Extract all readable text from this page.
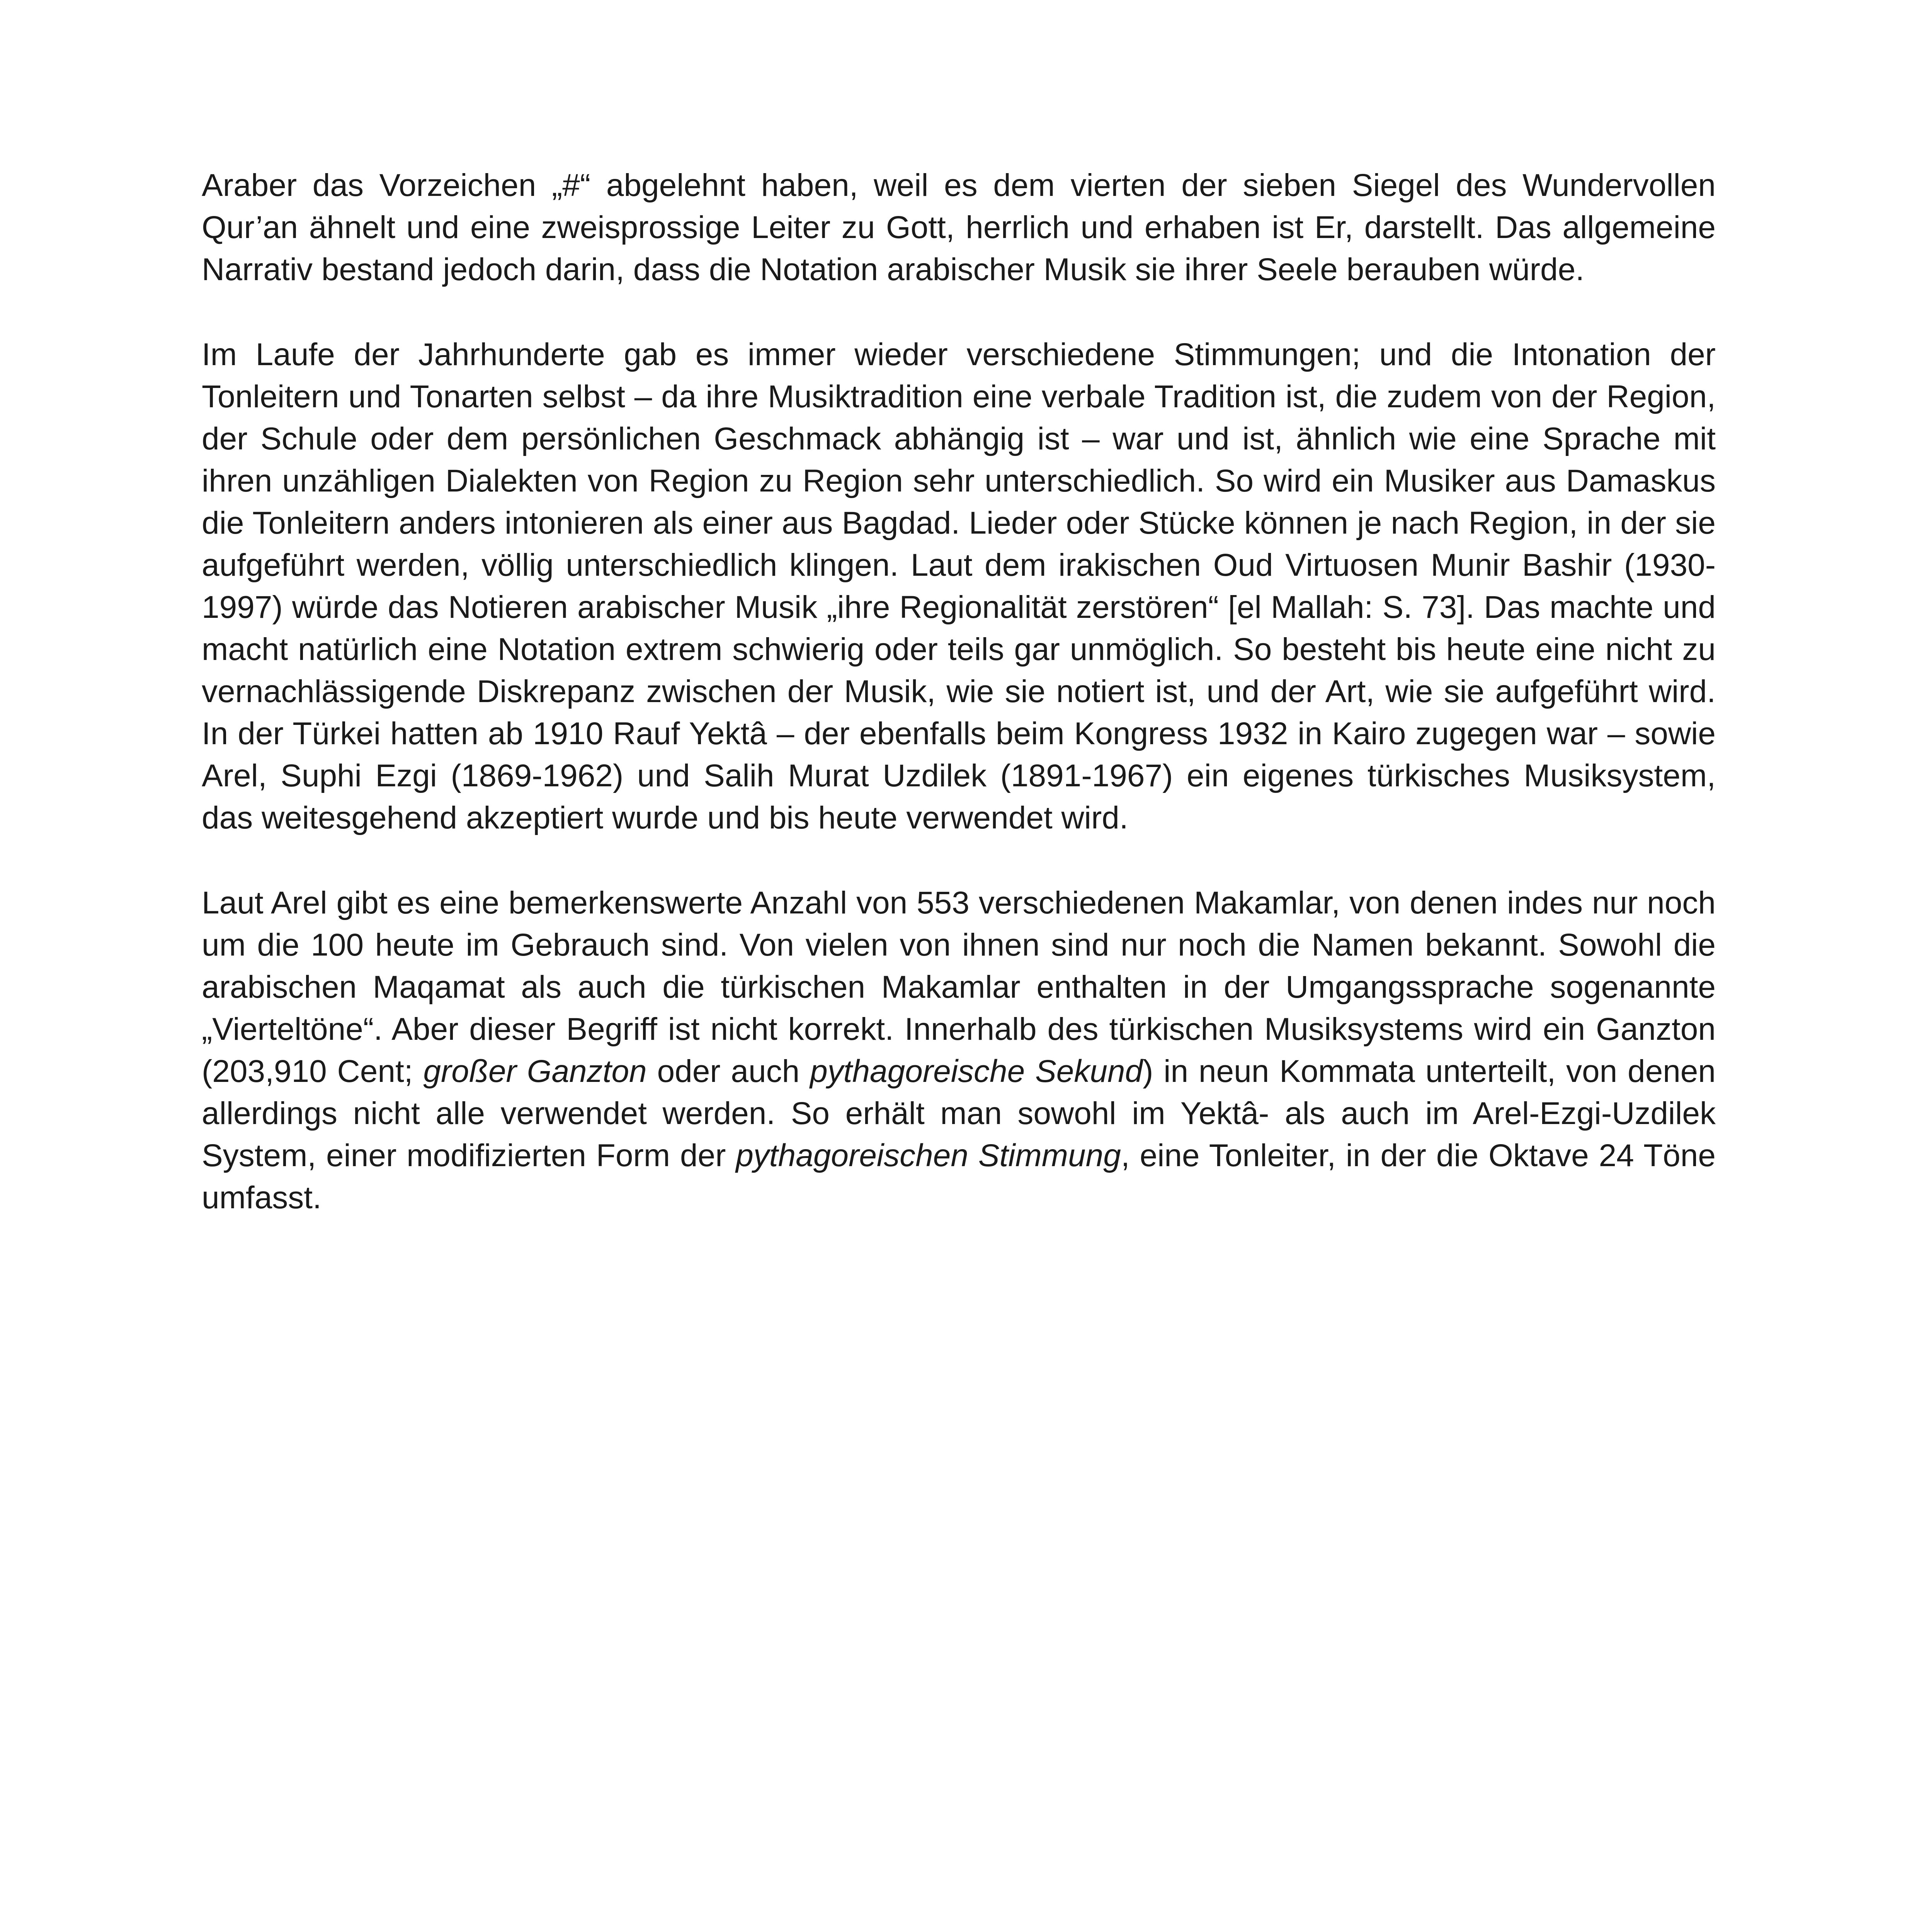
Araber das Vorzeichen „#“ abgelehnt haben, weil es dem vierten der sieben Siegel des Wundervollen Qur’an ähnelt und eine zweisprossige Leiter zu Gott, herrlich und erhaben ist Er, darstellt. Das allgemeine Narrativ bestand jedoch darin, dass die Notation arabischer Musik sie ihrer Seele berauben würde.

Im Laufe der Jahrhunderte gab es immer wieder verschiedene Stimmungen; und die Intonation der Tonleitern und Tonarten selbst – da ihre Musiktradition eine verbale Tradition ist, die zudem von der Region, der Schule oder dem persönlichen Geschmack abhängig ist – war und ist, ähnlich wie eine Sprache mit ihren unzähligen Dialekten von Region zu Region sehr unterschiedlich. So wird ein Musiker aus Damaskus die Tonleitern anders intonieren als einer aus Bagdad. Lieder oder Stücke können je nach Region, in der sie aufgeführt werden, völlig unterschiedlich klingen. Laut dem irakischen Oud Virtuosen Munir Bashir (1930-1997) würde das Notieren arabischer Musik „ihre Regionalität zerstören“ [el Mallah: S. 73]. Das machte und macht natürlich eine Notation extrem schwierig oder teils gar unmöglich. So besteht bis heute eine nicht zu vernachlässigende Diskrepanz zwischen der Musik, wie sie notiert ist, und der Art, wie sie aufgeführt wird. In der Türkei hatten ab 1910 Rauf Yektâ – der ebenfalls beim Kongress 1932 in Kairo zugegen war – sowie Arel, Suphi Ezgi (1869-1962) und Salih Murat Uzdilek (1891-1967) ein eigenes türkisches Musiksystem, das weitesgehend akzeptiert wurde und bis heute verwendet wird.

Laut Arel gibt es eine bemerkenswerte Anzahl von 553 verschiedenen Makamlar, von denen indes nur noch um die 100 heute im Gebrauch sind. Von vielen von ihnen sind nur noch die Namen bekannt. Sowohl die arabischen Maqamat als auch die türkischen Makamlar enthalten in der Umgangssprache sogenannte „Vierteltöne“. Aber dieser Begriff ist nicht korrekt. Innerhalb des türkischen Musiksystems wird ein Ganzton (203,910 Cent; großer Ganzton oder auch pythagoreische Sekund) in neun Kommata unterteilt, von denen allerdings nicht alle verwendet werden. So erhält man sowohl im Yektâ- als auch im Arel-Ezgi-Uzdilek System, einer modifizierten Form der pythagoreischen Stimmung, eine Tonleiter, in der die Oktave 24 Töne umfasst.
